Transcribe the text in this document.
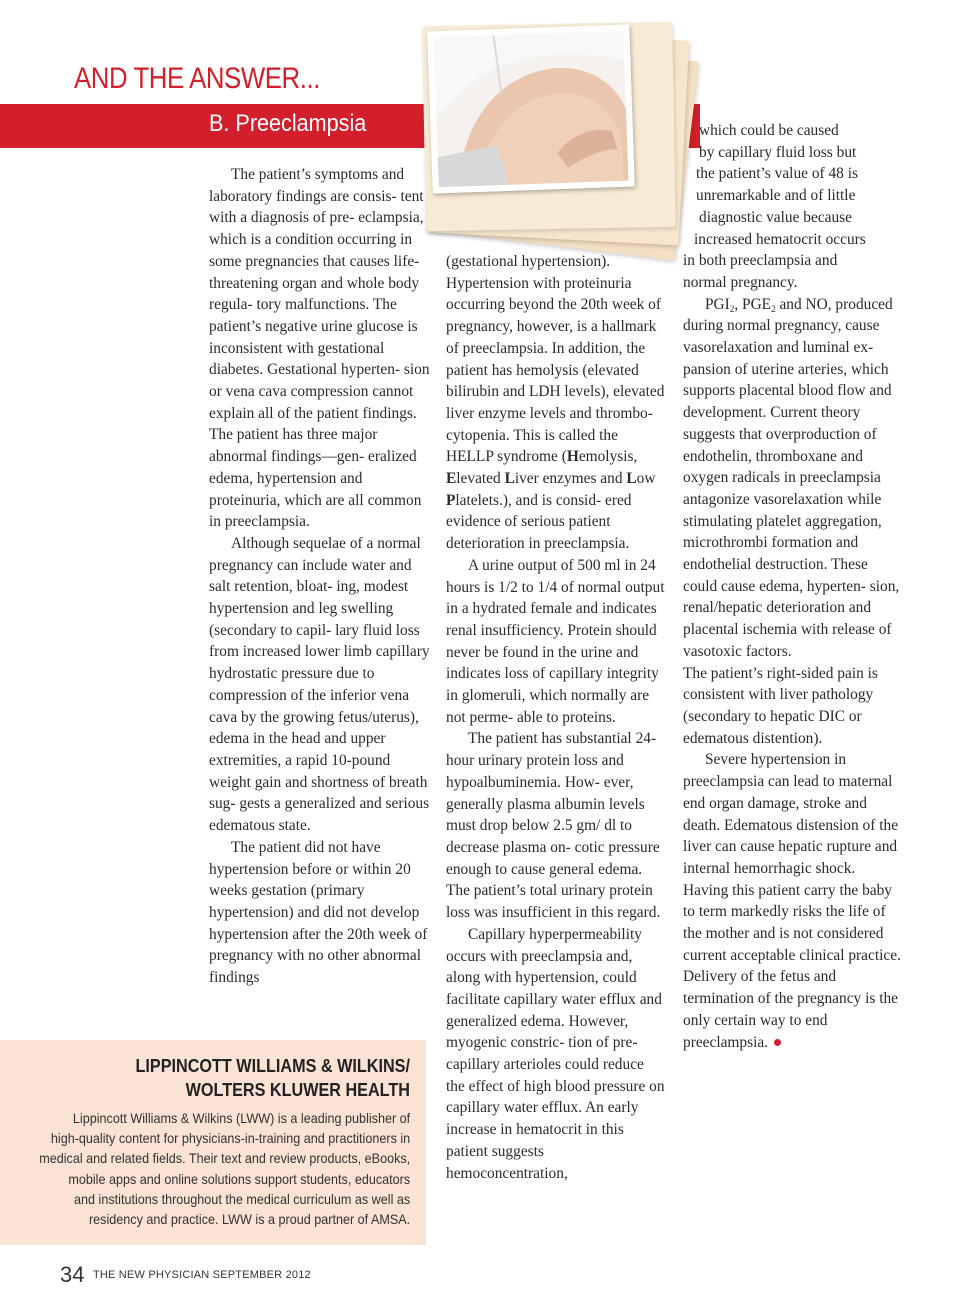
AND THE ANSWER...
B. Preeclampsia

The patient’s symptoms and laboratory findings are consis- tent with a diagnosis of pre- eclampsia, which is a condition occurring in some pregnancies that causes life-threatening organ and whole body regula- tory malfunctions. The patient’s negative urine glucose is inconsistent with gestational diabetes. Gestational hyperten- sion or vena cava compression cannot explain all of the patient findings. The patient has three major abnormal findings—gen- eralized edema, hypertension and proteinuria, which are all common in preeclampsia.

Although sequelae of a normal pregnancy can include water and salt retention, bloat- ing, modest hypertension and leg swelling (secondary to capil- lary fluid loss from increased lower limb capillary hydrostatic pressure due to compression of the inferior vena cava by the growing fetus/uterus), edema in the head and upper extremities, a rapid 10-pound weight gain and shortness of breath sug- gests a generalized and serious edematous state.

The patient did not have hypertension before or within 20 weeks gestation (primary hypertension) and did not develop hypertension after the 20th week of pregnancy with no other abnormal findings

(gestational hypertension). Hypertension with proteinuria occurring beyond the 20th week of pregnancy, however, is a hallmark of preeclampsia. In addition, the patient has hemolysis (elevated bilirubin and LDH levels), elevated liver enzyme levels and thrombo- cytopenia. This is called the HELLP syndrome (Hemolysis, Elevated Liver enzymes and Low Platelets.), and is consid- ered evidence of serious patient deterioration in preeclampsia.

A urine output of 500 ml in 24 hours is 1/2 to 1/4 of normal output in a hydrated female and indicates renal insufficiency. Protein should never be found in the urine and indicates loss of capillary integrity in glomeruli, which normally are not perme- able to proteins.

The patient has substantial 24-hour urinary protein loss and hypoalbuminemia. How- ever, generally plasma albumin levels must drop below 2.5 gm/ dl to decrease plasma on- cotic pressure enough to cause general edema. The patient’s total urinary protein loss was insufficient in this regard.

Capillary hyperpermeability occurs with preeclampsia and, along with hypertension, could facilitate capillary water efflux and generalized edema. However, myogenic constric- tion of pre-capillary arterioles could reduce the effect of high blood pressure on capillary water efflux. An early increase in hematocrit in this patient suggests hemoconcentration,

which could be caused
by capillary fluid loss but
the patient’s value of 48 is
unremarkable and of little
diagnostic value because
increased hematocrit occurs
in both preeclampsia and
normal pregnancy.

$PGI_2$, $PGE_2$ and NO, produced during normal pregnancy, cause vasorelaxation and luminal ex- pansion of uterine arteries, which supports placental blood flow and development. Current theory suggests that overproduction of endothelin, thromboxane and oxygen radicals in preeclampsia antagonize vasorelaxation while stimulating platelet aggregation, microthrombi formation and endothelial destruction. These could cause edema, hyperten- sion, renal/hepatic deterioration and placental ischemia with release of vasotoxic factors.
The patient’s right-sided pain is consistent with liver pathology (secondary to hepatic DIC or edematous distention).

Severe hypertension in preeclampsia can lead to maternal end organ damage, stroke and death. Edematous distension of the liver can cause hepatic rupture and internal hemorrhagic shock. Having this patient carry the baby to term markedly risks the life of the mother and is not considered current acceptable clinical practice. Delivery of the fetus and termination of the pregnancy is the only certain way to end preeclampsia.

LIPPINCOTT WILLIAMS & WILKINS/
WOLTERS KLUWER HEALTH
Lippincott Williams & Wilkins (LWW) is a leading publisher of
high-quality content for physicians-in-training and practitioners in
medical and related fields. Their text and review products, eBooks,
mobile apps and online solutions support students, educators
and institutions throughout the medical curriculum as well as
residency and practice. LWW is a proud partner of AMSA.
34 THE NEW PHYSICIAN SEPTEMBER 2012
